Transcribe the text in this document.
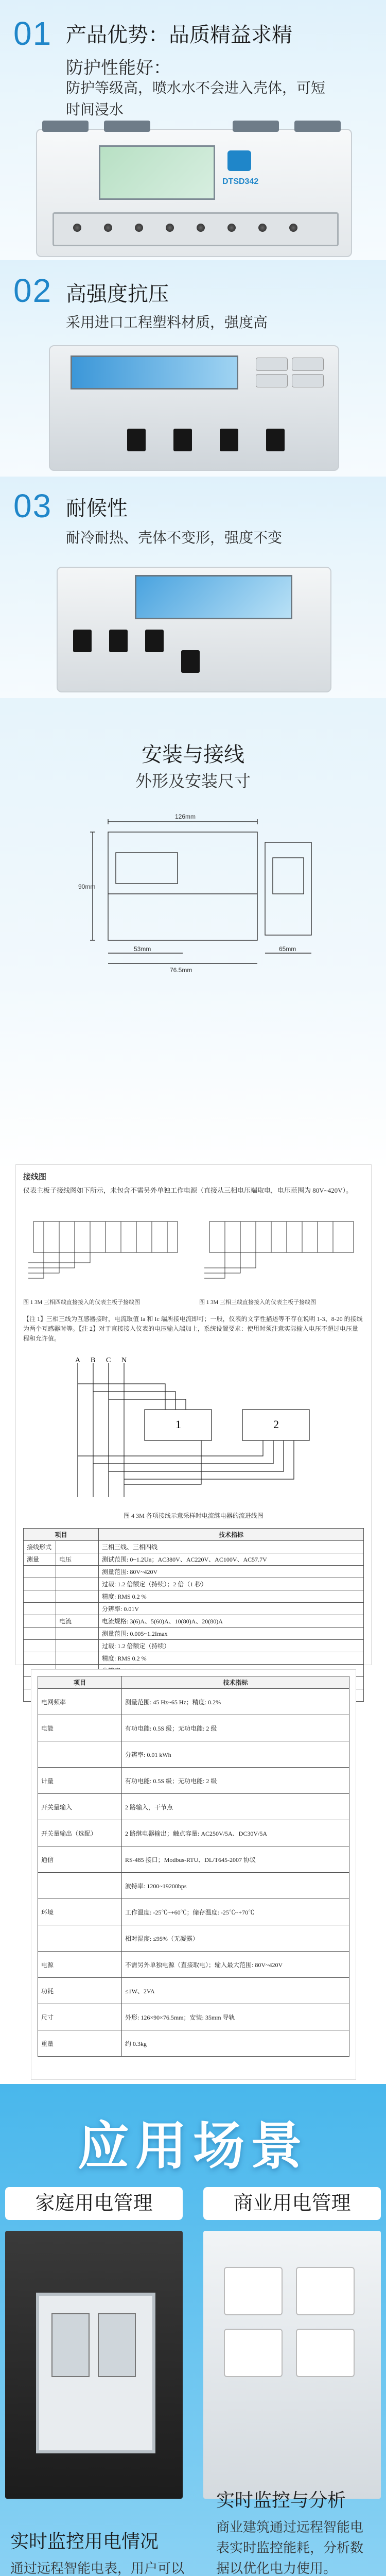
01 产品优势：品质精益求精
防护性能好：
防护等级高，喷水水不会进入壳体，可短
时间浸水
DTSD342
02 高强度抗压
采用进口工程塑料材质，强度高
03 耐候性
耐冷耐热、壳体不变形，强度不变
安装与接线
外形及安装尺寸
126mm
90mm
53mm
76.5mm
65mm
接线图
仪表主板子接线图如下所示，未包含不需另外单独工作电源（直接从三相电压端取电，电压范围为 80V~420V）。
图 1 3M 三相四线直接接入的仪表主板子接线图	图 1 3M 三相三线直接接入的仪表主板子接线图
【注 1】三相三线为互感器接时，电流取值 Ia 和 Ic 端所接电流即可；一般，仪表的文字性描述等不存在说明 1-3、8-20 的接线为两个互感器时等。【注 2】对于直接接入仪表的电压输入端加上，系统设置要求：使用时须注意实际输入电压不超过电压量程和允许值。
A B C N
1	2
图 4 3M 各项接线示意采样时电流继电器的流进线图
项目		技术指标
接线形式		三相三线、三相四线
测量	电压	测试范围: 0~1.2Un；AC380V、AC220V、AC100V、AC57.7V
		测量范围: 80V~420V
		过载: 1.2 倍额定（持续）；2 倍（1 秒）
		精度: RMS 0.2 %
		分辨率: 0.01V
	电流	电流规格: 3(6)A、5(60)A、10(80)A、20(80)A
		测量范围: 0.005~1.2Imax
		过载: 1.2 倍额定（持续）
		精度: RMS 0.2 %

项目	技术指标
电网频率	测量范围: 45 Hz~65 Hz；精度: 0.2%
电能	有功电能: 0.5S 级；无功电能: 2 级
	分辨率: 0.01 kWh
计量	有功电能: 0.5S 级；无功电能: 2 级
开关量输入	2 路输入，干节点
开关量输出（选配）	2 路继电器输出；触点容量: AC250V/5A、DC30V/5A
通信	RS-485 接口；Modbus-RTU、DL/T645-2007 协议
	波特率: 1200~19200bps
环境	工作温度: -25℃~+60℃；储存温度: -25℃~+70℃
	相对湿度: ≤95%（无凝露）
电源	不需另外单独电源（直接取电）；输入最大范围: 80V~420V
功耗	≤1W、2VA
尺寸	外形: 126×90×76.5mm；安装: 35mm 导轨
重量	约 0.3kg
应用场景
家庭用电管理	商业用电管理
实时监控用电情况
通过远程智能电表，用户可以
实时监控与分析
商业建筑通过远程智能电
表实时监控能耗，分析数
据以优化电力使用。
